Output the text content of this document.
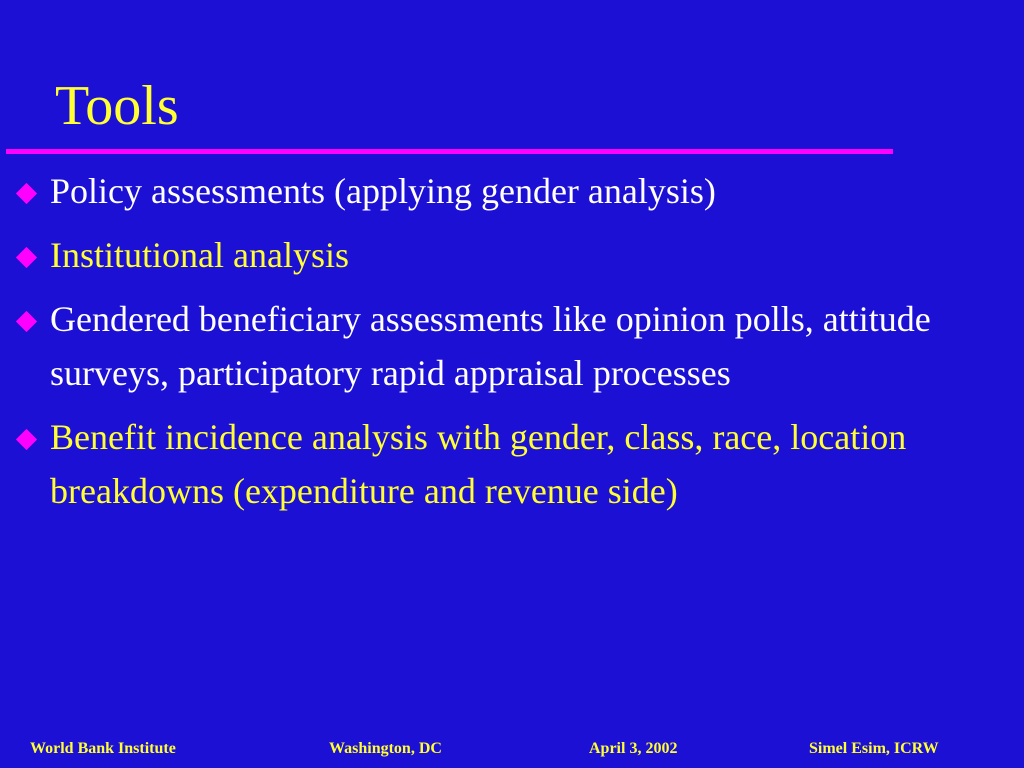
Tools
Policy assessments (applying gender analysis)
Institutional analysis
Gendered beneficiary assessments like opinion polls, attitude surveys, participatory rapid appraisal processes
Benefit incidence analysis with gender, class, race, location breakdowns (expenditure and revenue side)
World Bank Institute	Washington, DC	April 3, 2002	Simel Esim, ICRW
